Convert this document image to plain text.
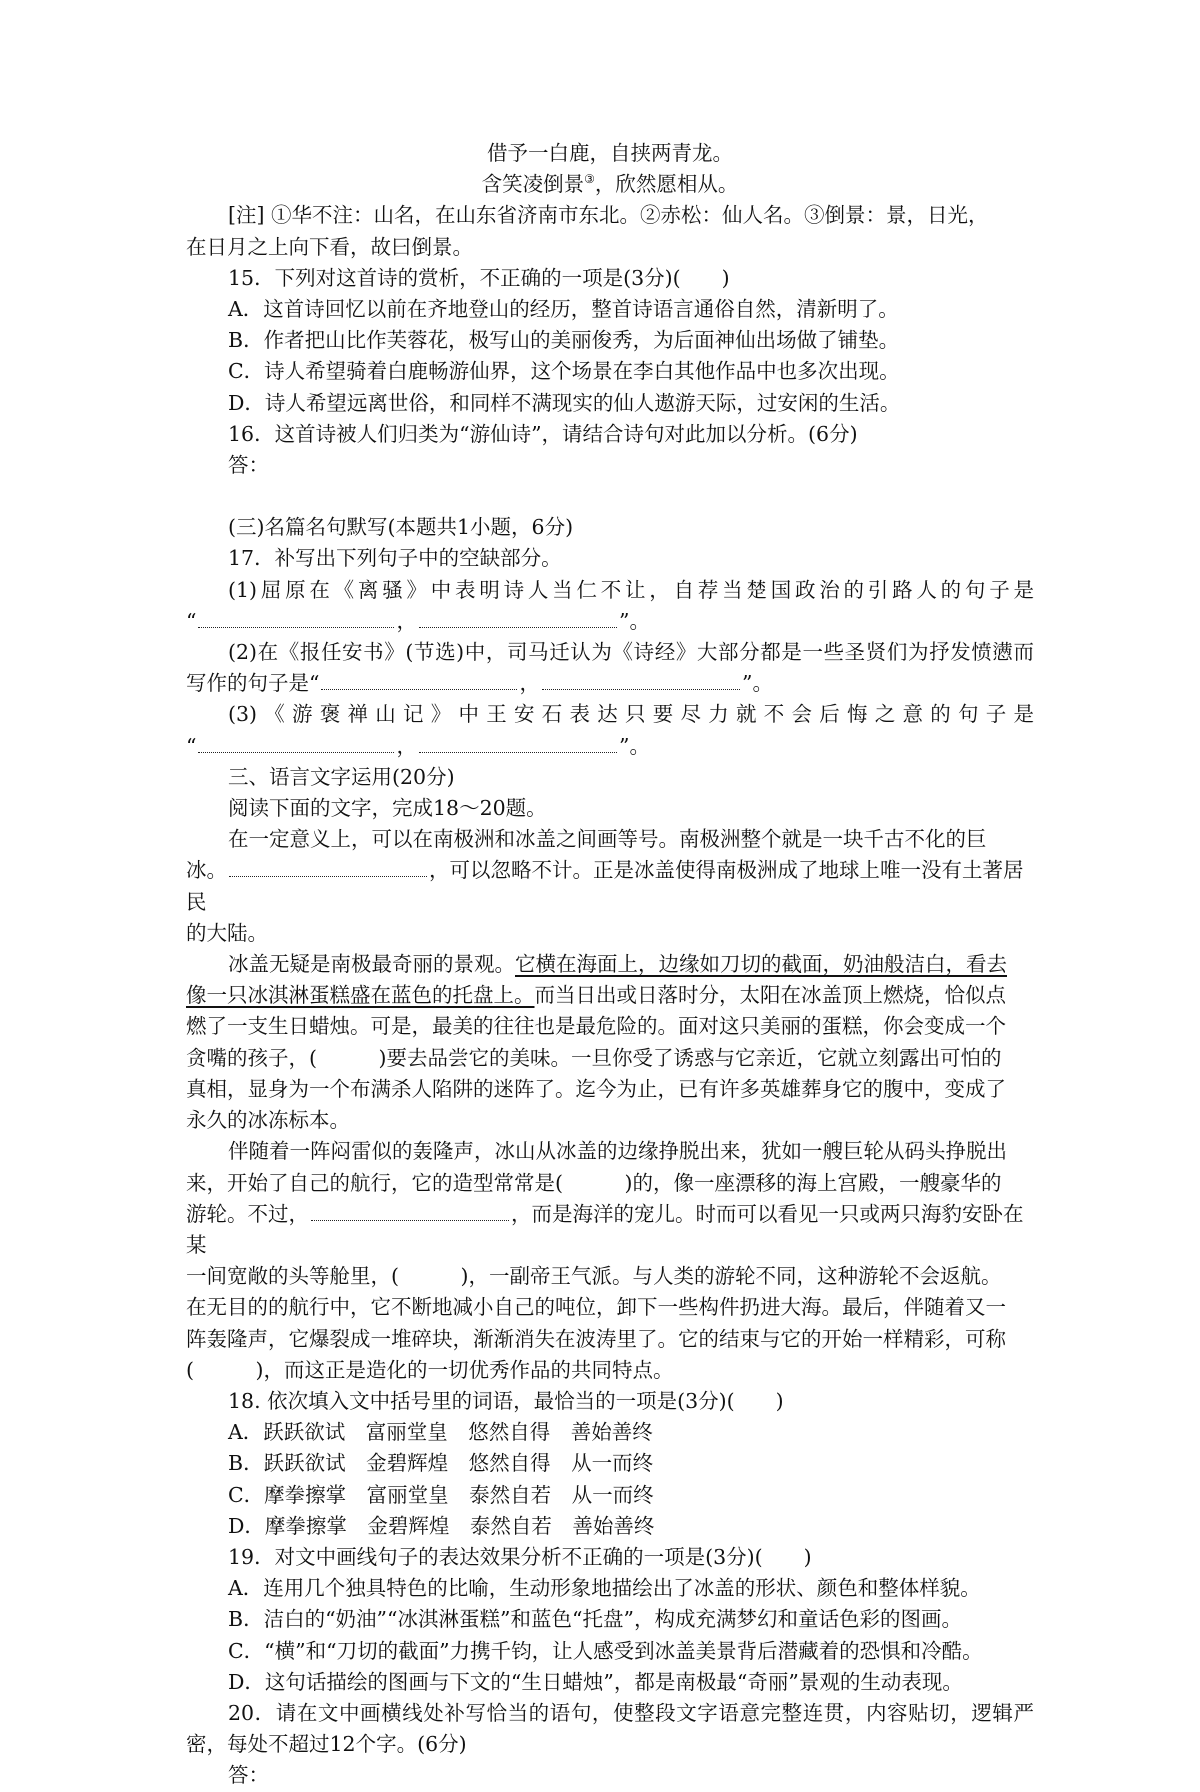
借予一白鹿，自挟两青龙。

含笑凌倒景③，欣然愿相从。

[注] ①华不注：山名，在山东省济南市东北。②赤松：仙人名。③倒景：景，日光，

在日月之上向下看，故曰倒景。

15．下列对这首诗的赏析，不正确的一项是(3分)(　　)

A．这首诗回忆以前在齐地登山的经历，整首诗语言通俗自然，清新明了。

B．作者把山比作芙蓉花，极写山的美丽俊秀，为后面神仙出场做了铺垫。

C．诗人希望骑着白鹿畅游仙界，这个场景在李白其他作品中也多次出现。

D．诗人希望远离世俗，和同样不满现实的仙人遨游天际，过安闲的生活。

16．这首诗被人们归类为“游仙诗”，请结合诗句对此加以分析。(6分)

答：

(三)名篇名句默写(本题共1小题，6分)

17．补写出下列句子中的空缺部分。

(1)屈原在《离骚》中表明诗人当仁不让，自荐当楚国政治的引路人的句子是

“	，	”。

(2)在《报任安书》(节选)中，司马迁认为《诗经》大部分都是一些圣贤们为抒发愤懑而

写作的句子是“	，	”。

(3)《游褒禅山记》中王安石表达只要尽力就不会后悔之意的句子是

“	，	”。

三、语言文字运用(20分)

阅读下面的文字，完成18～20题。

在一定意义上，可以在南极洲和冰盖之间画等号。南极洲整个就是一块千古不化的巨

冰。	，可以忽略不计。正是冰盖使得南极洲成了地球上唯一没有土著居民

的大陆。

冰盖无疑是南极最奇丽的景观。它横在海面上，边缘如刀切的截面，奶油般洁白，看去

像一只冰淇淋蛋糕盛在蓝色的托盘上。而当日出或日落时分，太阳在冰盖顶上燃烧，恰似点

燃了一支生日蜡烛。可是，最美的往往也是最危险的。面对这只美丽的蛋糕，你会变成一个

贪嘴的孩子，(　　　)要去品尝它的美味。一旦你受了诱惑与它亲近，它就立刻露出可怕的

真相，显身为一个布满杀人陷阱的迷阵了。迄今为止，已有许多英雄葬身它的腹中，变成了

永久的冰冻标本。

伴随着一阵闷雷似的轰隆声，冰山从冰盖的边缘挣脱出来，犹如一艘巨轮从码头挣脱出

来，开始了自己的航行，它的造型常常是(　　　)的，像一座漂移的海上宫殿，一艘豪华的

游轮。不过，	，而是海洋的宠儿。时而可以看见一只或两只海豹安卧在某

一间宽敞的头等舱里，(　　　)，一副帝王气派。与人类的游轮不同，这种游轮不会返航。

在无目的的航行中，它不断地减小自己的吨位，卸下一些构件扔进大海。最后，伴随着又一

阵轰隆声，它爆裂成一堆碎块，渐渐消失在波涛里了。它的结束与它的开始一样精彩，可称

(　　　)，而这正是造化的一切优秀作品的共同特点。

18. 依次填入文中括号里的词语，最恰当的一项是(3分)(　　)

A．跃跃欲试　富丽堂皇　悠然自得　善始善终

B．跃跃欲试　金碧辉煌　悠然自得　从一而终

C．摩拳擦掌　富丽堂皇　泰然自若　从一而终

D．摩拳擦掌　金碧辉煌　泰然自若　善始善终

19．对文中画线句子的表达效果分析不正确的一项是(3分)(　　)

A．连用几个独具特色的比喻，生动形象地描绘出了冰盖的形状、颜色和整体样貌。

B．洁白的“奶油”“冰淇淋蛋糕”和蓝色“托盘”，构成充满梦幻和童话色彩的图画。

C．“横”和“刀切的截面”力携千钧，让人感受到冰盖美景背后潜藏着的恐惧和冷酷。

D．这句话描绘的图画与下文的“生日蜡烛”，都是南极最“奇丽”景观的生动表现。

20．请在文中画横线处补写恰当的语句，使整段文字语意完整连贯，内容贴切，逻辑严

密，每处不超过12个字。(6分)

答：
